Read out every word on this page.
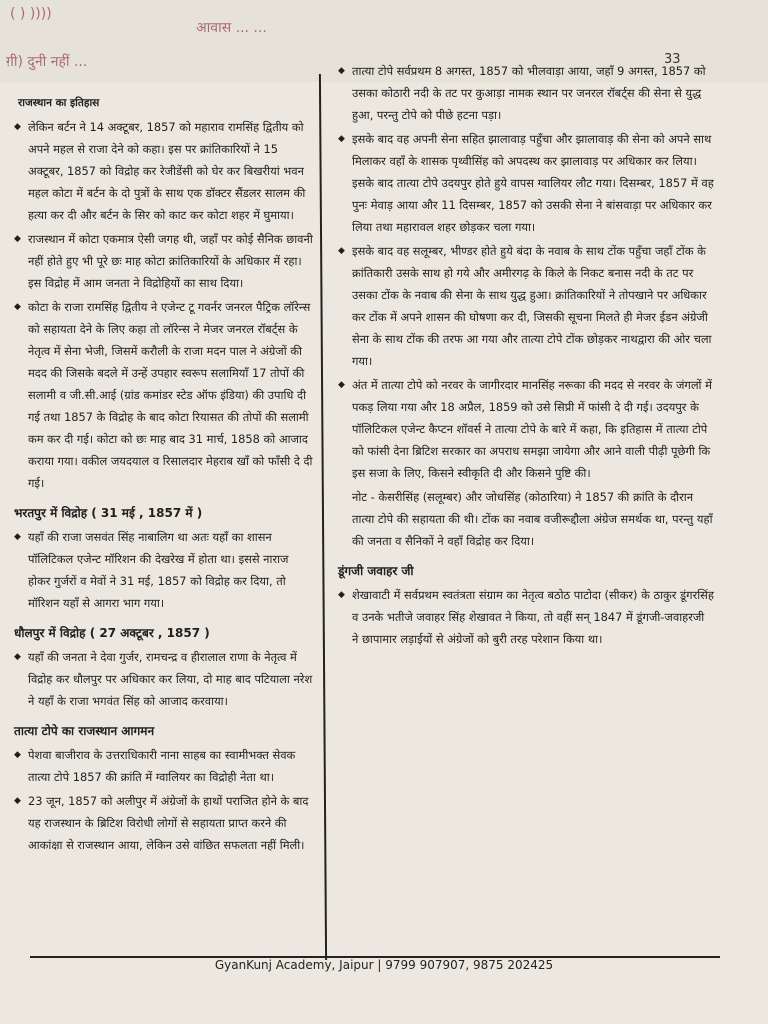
( ) ))))
ग़ी) दुनी नहीं ...
आवास ... ...
33
राजस्थान का इतिहास
◆ लेकिन बर्टन ने 14 अक्टूबर, 1857 को महाराव रामसिंह द्वितीय को अपने महल से राजा देने को कहा। इस पर क्रांतिकारियों ने 15 अक्टूबर, 1857 को विद्रोह कर रेजीडेंसी को घेर कर बिखरीयां भवन महल कोटा में बर्टन के दो पुत्रों के साथ एक डॉक्टर सैंडलर सालम की हत्या कर दी और बर्टन के सिर को काट कर कोटा शहर में घुमाया।
◆ राजस्थान में कोटा एकमात्र ऐसी जगह थी, जहाँ पर कोई सैनिक छावनी नहीं होते हुए भी पूरे छः माह कोटा क्रांतिकारियों के अधिकार में रहा। इस विद्रोह में आम जनता ने विद्रोहियों का साथ दिया।
◆ कोटा के राजा रामसिंह द्वितीय ने एजेन्ट टू गवर्नर जनरल पैट्रिक लॉरेन्स को सहायता देने के लिए कहा तो लॉरेन्स ने मेजर जनरल रॉबर्ट्स के नेतृत्व में सेना भेजी, जिसमें करौली के राजा मदन पाल ने अंग्रेजों की मदद की जिसके बदले में उन्हें उपहार स्वरूप सलामियाँ 17 तोपों की सलामी व जी.सी.आई (ग्रांड कमांडर स्टेड ऑफ इंडिया) की उपाधि दी गई तथा 1857 के विद्रोह के बाद कोटा रियासत की तोपों की सलामी कम कर दी गई। कोटा को छः माह बाद 31 मार्च, 1858 को आजाद कराया गया। वकील जयदयाल व रिसालदार मेहराब खाँ को फाँसी दे दी गई।
भरतपुर में विद्रोह ( 31 मई , 1857 में )
◆ यहाँ की राजा जसवंत सिंह नाबालिग था अतः यहाँ का शासन पॉलिटिकल एजेन्ट मॉरिशन की देखरेख में होता था। इससे नाराज होकर गुर्जरों व मेवों ने 31 मई, 1857 को विद्रोह कर दिया, तो मॉरिशन यहाँ से आगरा भाग गया।
धौलपुर में विद्रोह ( 27 अक्टूबर , 1857 )
◆ यहाँ की जनता ने देवा गुर्जर, रामचन्द्र व हीरालाल राणा के नेतृत्व में विद्रोह कर धौलपुर पर अधिकार कर लिया, दो माह बाद पटियाला नरेश ने यहाँ के राजा भगवंत सिंह को आजाद करवाया।
तात्या टोपे का राजस्थान आगमन
◆ पेशवा बाजीराव के उत्तराधिकारी नाना साहब का स्वामीभक्त सेवक तात्या टोपे 1857 की क्रांति में ग्वालियर का विद्रोही नेता था।
◆ 23 जून, 1857 को अलीपुर में अंग्रेजों के हाथों पराजित होने के बाद यह राजस्थान के ब्रिटिश विरोधी लोगों से सहायता प्राप्त करने की आकांक्षा से राजस्थान आया, लेकिन उसे वांछित सफलता नहीं मिली।
◆ तात्या टोपे सर्वप्रथम 8 अगस्त, 1857 को भीलवाड़ा आया, जहाँ 9 अगस्त, 1857 को उसका कोठारी नदी के तट पर कुआड़ा नामक स्थान पर जनरल रॉबर्ट्स की सेना से युद्ध हुआ, परन्तु टोपे को पीछे हटना पड़ा।
◆ इसके बाद वह अपनी सेना सहित झालावाड़ पहुँचा और झालावाड़ की सेना को अपने साथ मिलाकर वहाँ के शासक पृथ्वीसिंह को अपदस्थ कर झालावाड़ पर अधिकार कर लिया। इसके बाद तात्या टोपे उदयपुर होते हुये वापस ग्वालियर लौट गया। दिसम्बर, 1857 में वह पुनः मेवाड़ आया और 11 दिसम्बर, 1857 को उसकी सेना ने बांसवाड़ा पर अधिकार कर लिया तथा महारावल शहर छोड़कर चला गया।
◆ इसके बाद वह सलूम्बर, भीण्डर होते हुये बंदा के नवाब के साथ टोंक पहुँचा जहाँ टोंक के क्रांतिकारी उसके साथ हो गये और अमीरगढ़ के किले के निकट बनास नदी के तट पर उसका टोंक के नवाब की सेना के साथ युद्ध हुआ। क्रांतिकारियों ने तोपखाने पर अधिकार कर टोंक में अपने शासन की घोषणा कर दी, जिसकी सूचना मिलते ही मेजर ईडन अंग्रेजी सेना के साथ टोंक की तरफ आ गया और तात्या टोपे टोंक छोड़कर नाथद्वारा की ओर चला गया।
◆ अंत में तात्या टोपे को नरवर के जागीरदार मानसिंह नरूका की मदद से नरवर के जंगलों में पकड़ लिया गया और 18 अप्रैल, 1859 को उसे सिप्री में फांसी दे दी गई। उदयपुर के पॉलिटिकल एजेन्ट कैप्टन शॉवर्स ने तात्या टोपे के बारे में कहा, कि इतिहास में तात्या टोपे को फांसी देना ब्रिटिश सरकार का अपराध समझा जायेगा और आने वाली पीढ़ी पूछेगी कि इस सजा के लिए, किसने स्वीकृति दी और किसने पुष्टि की।
नोट - केसरीसिंह (सलूम्बर) और जोधसिंह (कोठारिया) ने 1857 की क्रांति के दौरान तात्या टोपे की सहायता की थी। टोंक का नवाब वजीरूद्दौला अंग्रेज समर्थक था, परन्तु यहाँ की जनता व सैनिकों ने वहाँ विद्रोह कर दिया।
डूंगजी जवाहर जी
◆ शेखावाटी में सर्वप्रथम स्वतंत्रता संग्राम का नेतृत्व बठोठ पाटोदा (सीकर) के ठाकुर डूंगरसिंह व उनके भतीजे जवाहर सिंह शेखावत ने किया, तो वहीं सन् 1847 में डूंगजी-जवाहरजी ने छापामार लड़ाईयों से अंग्रेजों को बुरी तरह परेशान किया था।
GyanKunj Academy, Jaipur | 9799 907907, 9875 202425
